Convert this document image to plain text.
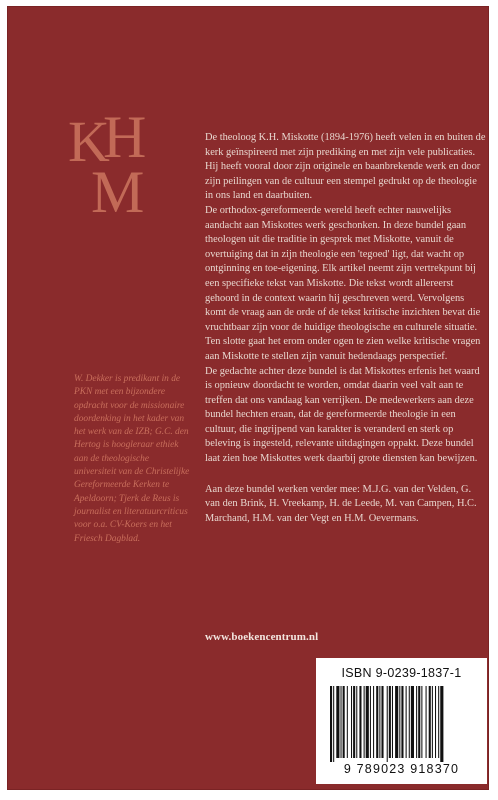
K
H
M

De theoloog K.H. Miskotte (1894-1976) heeft velen in en buiten de kerk geïnspireerd met zijn prediking en met zijn vele publicaties. Hij heeft vooral door zijn originele en baanbrekende werk en door zijn peilingen van de cultuur een stempel gedrukt op de theologie in ons land en daarbuiten.

De orthodox-gereformeerde wereld heeft echter nauwelijks aandacht aan Miskottes werk geschonken. In deze bundel gaan theologen uit die traditie in gesprek met Miskotte, vanuit de overtuiging dat in zijn theologie een 'tegoed' ligt, dat wacht op ontginning en toe-eigening. Elk artikel neemt zijn vertrekpunt bij een specifieke tekst van Miskotte. Die tekst wordt allereerst gehoord in de context waarin hij geschreven werd. Vervolgens komt de vraag aan de orde of de tekst kritische inzichten bevat die vruchtbaar zijn voor de huidige theologische en culturele situatie. Ten slotte gaat het erom onder ogen te zien welke kritische vragen aan Miskotte te stellen zijn vanuit hedendaags perspectief.

De gedachte achter deze bundel is dat Miskottes erfenis het waard is opnieuw doordacht te worden, omdat daarin veel valt aan te treffen dat ons vandaag kan verrijken. De medewerkers aan deze bundel hechten eraan, dat de gereformeerde theologie in een cultuur, die ingrijpend van karakter is veranderd en sterk op beleving is ingesteld, relevante uitdagingen oppakt. Deze bundel laat zien hoe Miskottes werk daarbij grote diensten kan bewijzen.

Aan deze bundel werken verder mee: M.J.G. van der Velden, G. van den Brink, H. Vreekamp, H. de Leede, M. van Campen, H.C. Marchand, H.M. van der Vegt en H.M. Oevermans.

W. Dekker is predikant in de PKN met een bijzondere opdracht voor de missionaire doordenking in het kader van het werk van de IZB; G.C. den Hertog is hoogleraar ethiek aan de theologische universiteit van de Christelijke Gereformeerde Kerken te Apeldoorn; Tjerk de Reus is journalist en literatuurcriticus voor o.a. CV-Koers en het Friesch Dagblad.

www.boekencentrum.nl
ISBN 9-0239-1837-1
9 789023 918370
